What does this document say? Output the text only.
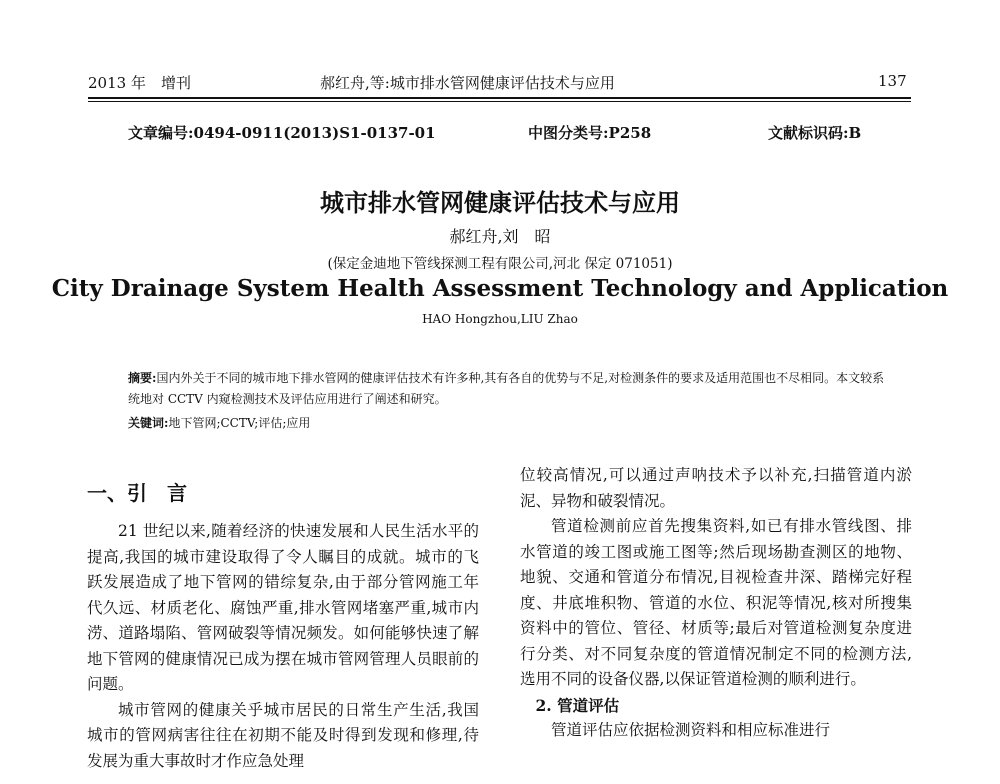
2013 年　增刊	郝红舟,等:城市排水管网健康评估技术与应用	137
文章编号:0494-0911(2013)S1-0137-01	中图分类号:P258	文献标识码:B
城市排水管网健康评估技术与应用
郝红舟,刘　昭
(保定金迪地下管线探测工程有限公司,河北 保定 071051)
City Drainage System Health Assessment Technology and Application
HAO Hongzhou,LIU Zhao
摘要:国内外关于不同的城市地下排水管网的健康评估技术有许多种,其有各自的优势与不足,对检测条件的要求及适用范围也不尽相同。本文较系统地对 CCTV 内窥检测技术及评估应用进行了阐述和研究。
关键词:地下管网;CCTV;评估;应用
一、引　言

21 世纪以来,随着经济的快速发展和人民生活水平的提高,我国的城市建设取得了令人瞩目的成就。城市的飞跃发展造成了地下管网的错综复杂,由于部分管网施工年代久远、材质老化、腐蚀严重,排水管网堵塞严重,城市内涝、道路塌陷、管网破裂等情况频发。如何能够快速了解地下管网的健康情况已成为摆在城市管网管理人员眼前的问题。

城市管网的健康关乎城市居民的日常生产生活,我国城市的管网病害往往在初期不能及时得到发现和修理,待发展为重大事故时才作应急处理

位较高情况,可以通过声呐技术予以补充,扫描管道内淤泥、异物和破裂情况。

管道检测前应首先搜集资料,如已有排水管线图、排水管道的竣工图或施工图等;然后现场勘查测区的地物、地貌、交通和管道分布情况,目视检查井深、踏梯完好程度、井底堆积物、管道的水位、积泥等情况,核对所搜集资料中的管位、管径、材质等;最后对管道检测复杂度进行分类、对不同复杂度的管道情况制定不同的检测方法,选用不同的设备仪器,以保证管道检测的顺利进行。

2. 管道评估

管道评估应依据检测资料和相应标准进行
